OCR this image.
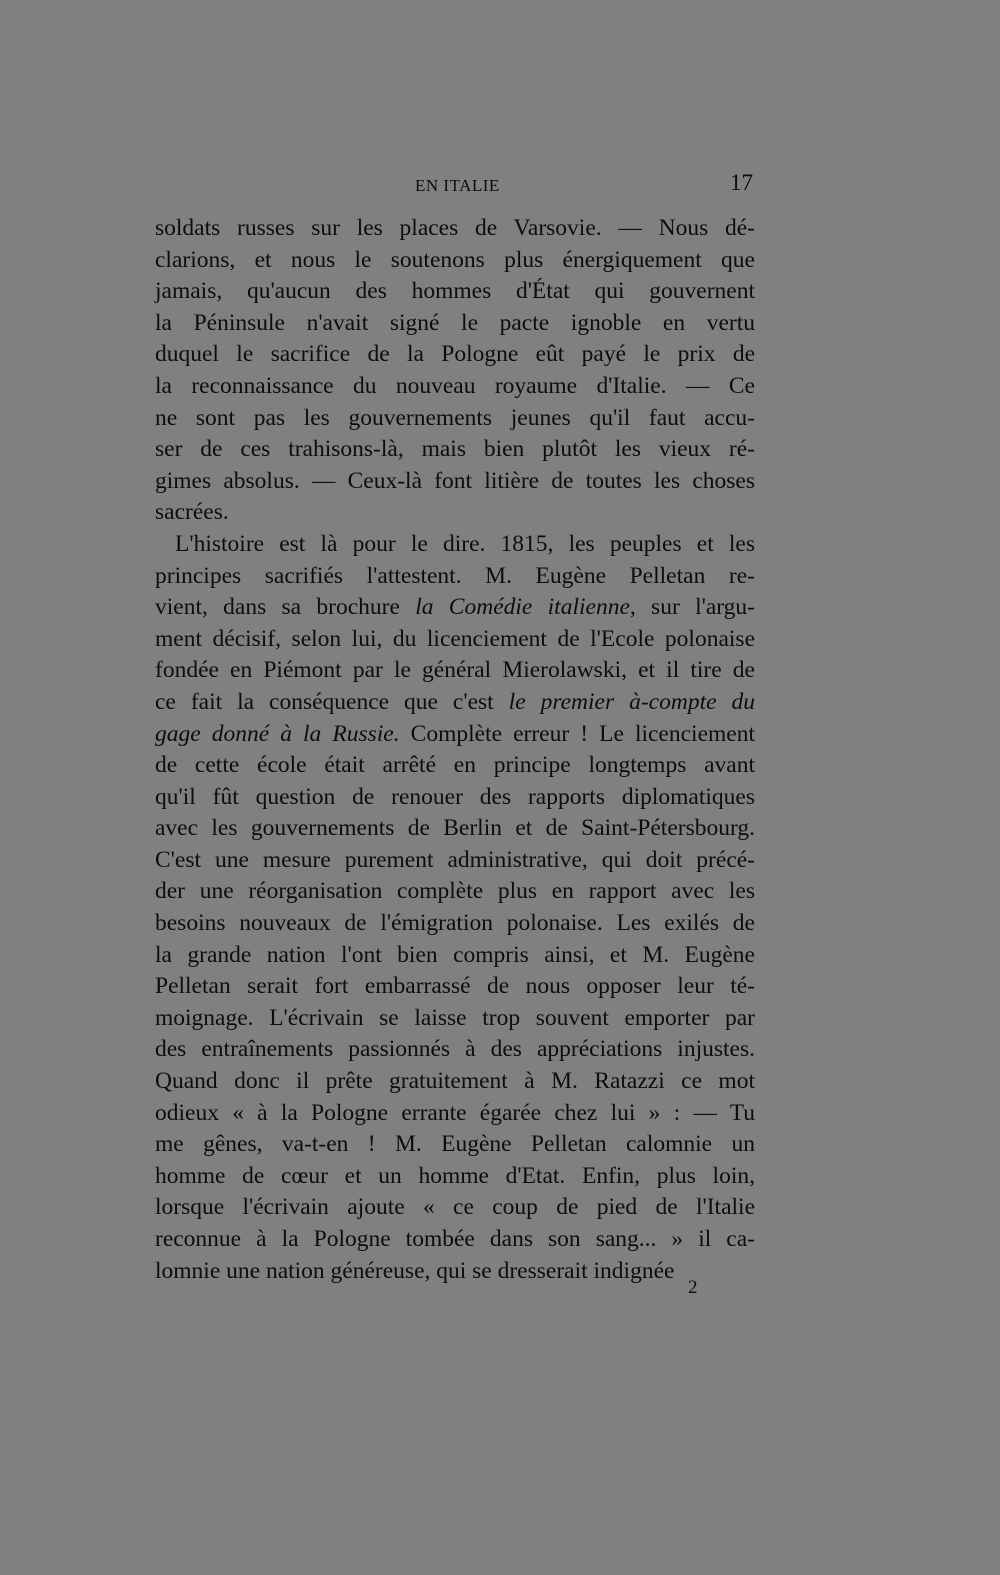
EN ITALIE	17
soldats russes sur les places de Varsovie. — Nous dé-
clarions, et nous le soutenons plus énergiquement que
jamais, qu'aucun des hommes d'État qui gouvernent
la Péninsule n'avait signé le pacte ignoble en vertu
duquel le sacrifice de la Pologne eût payé le prix de
la reconnaissance du nouveau royaume d'Italie. — Ce
ne sont pas les gouvernements jeunes qu'il faut accu-
ser de ces trahisons-là, mais bien plutôt les vieux ré-
gimes absolus. — Ceux-là font litière de toutes les choses
sacrées.
L'histoire est là pour le dire. 1815, les peuples et les
principes sacrifiés l'attestent. M. Eugène Pelletan re-
vient, dans sa brochure la Comédie italienne, sur l'argu-
ment décisif, selon lui, du licenciement de l'Ecole polonaise
fondée en Piémont par le général Mierolawski, et il tire de
ce fait la conséquence que c'est le premier à-compte du
gage donné à la Russie. Complète erreur ! Le licenciement
de cette école était arrêté en principe longtemps avant
qu'il fût question de renouer des rapports diplomatiques
avec les gouvernements de Berlin et de Saint-Pétersbourg.
C'est une mesure purement administrative, qui doit précé-
der une réorganisation complète plus en rapport avec les
besoins nouveaux de l'émigration polonaise. Les exilés de
la grande nation l'ont bien compris ainsi, et M. Eugène
Pelletan serait fort embarrassé de nous opposer leur té-
moignage. L'écrivain se laisse trop souvent emporter par
des entraînements passionnés à des appréciations injustes.
Quand donc il prête gratuitement à M. Ratazzi ce mot
odieux « à la Pologne errante égarée chez lui » : — Tu
me gênes, va-t-en ! M. Eugène Pelletan calomnie un
homme de cœur et un homme d'Etat. Enfin, plus loin,
lorsque l'écrivain ajoute « ce coup de pied de l'Italie
reconnue à la Pologne tombée dans son sang... » il ca-
lomnie une nation généreuse, qui se dresserait indignée
2
